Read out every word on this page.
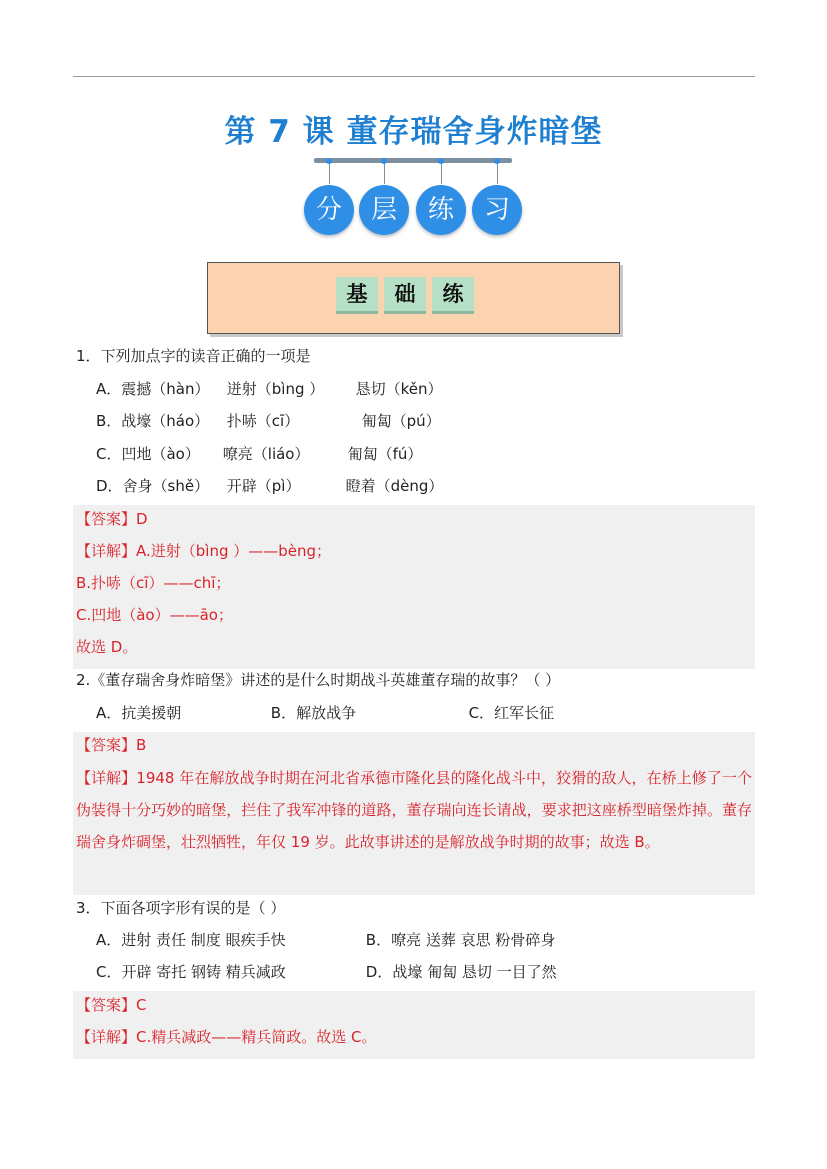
第 7 课 董存瑞舍身炸暗堡
分	层	练	习
基	础	练
1．下列加点字的读音正确的一项是
A．震撼（hàn） 迸射（bìng ） 恳切（kěn）
B．战壕（háo） 扑哧（cī）	匍匐（pú）
C．凹地（ào） 嘹亮（liáo）	匍匐（fú）
D．舍身（shě） 开辟（pì）	瞪着（dèng）
【答案】D
【详解】A.迸射（bìng ）——bèng；
B.扑哧（cī）——chī；
C.凹地（ào）——āo；
故选 D。
2.《董存瑞舍身炸暗堡》讲述的是什么时期战斗英雄董存瑞的故事？（ ）
A．抗美援朝	B．解放战争	C．红军长征
【答案】B
【详解】1948 年在解放战争时期在河北省承德市隆化县的隆化战斗中，狡猾的敌人，在桥上修了一个伪装得十分巧妙的暗堡，拦住了我军冲锋的道路，董存瑞向连长请战，要求把这座桥型暗堡炸掉。董存瑞舍身炸碉堡，壮烈牺牲，年仅 19 岁。此故事讲述的是解放战争时期的故事；故选 B。
3．下面各项字形有误的是（ ）
A．进射 责任 制度 眼疾手快	B．嘹亮 送葬 哀思 粉骨碎身
C．开辟 寄托 钢铸 精兵减政	D．战壕 匍匐 恳切 一目了然
【答案】C
【详解】C.精兵减政——精兵简政。故选 C。
